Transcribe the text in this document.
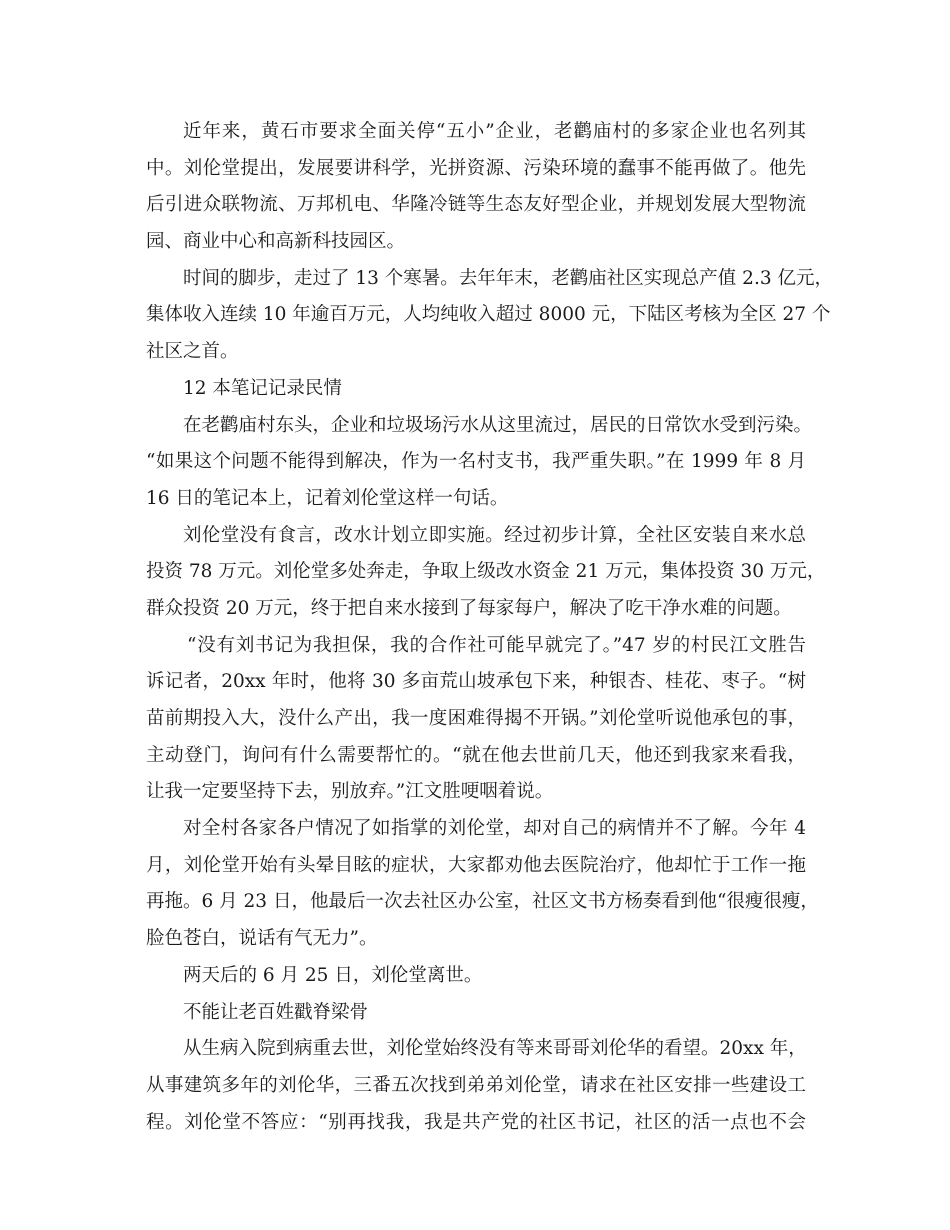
近年来，黄石市要求全面关停“五小”企业，老鹳庙村的多家企业也名列其
中。刘伦堂提出，发展要讲科学，光拼资源、污染环境的蠢事不能再做了。他先
后引进众联物流、万邦机电、华隆冷链等生态友好型企业，并规划发展大型物流
园、商业中心和高新科技园区。
时间的脚步，走过了 13 个寒暑。去年年末，老鹳庙社区实现总产值 2.3 亿元，
集体收入连续 10 年逾百万元，人均纯收入超过 8000 元，下陆区考核为全区 27 个
社区之首。
12 本笔记记录民情
在老鹳庙村东头，企业和垃圾场污水从这里流过，居民的日常饮水受到污染。
“如果这个问题不能得到解决，作为一名村支书，我严重失职。”在 1999 年 8 月
16 日的笔记本上，记着刘伦堂这样一句话。
刘伦堂没有食言，改水计划立即实施。经过初步计算，全社区安装自来水总
投资 78 万元。刘伦堂多处奔走，争取上级改水资金 21 万元，集体投资 30 万元，
群众投资 20 万元，终于把自来水接到了每家每户，解决了吃干净水难的问题。
“没有刘书记为我担保，我的合作社可能早就完了。”47 岁的村民江文胜告
诉记者，20xx 年时，他将 30 多亩荒山坡承包下来，种银杏、桂花、枣子。“树
苗前期投入大，没什么产出，我一度困难得揭不开锅。”刘伦堂听说他承包的事，
主动登门，询问有什么需要帮忙的。“就在他去世前几天，他还到我家来看我，
让我一定要坚持下去，别放弃。”江文胜哽咽着说。
对全村各家各户情况了如指掌的刘伦堂，却对自己的病情并不了解。今年 4
月，刘伦堂开始有头晕目眩的症状，大家都劝他去医院治疗，他却忙于工作一拖
再拖。6 月 23 日，他最后一次去社区办公室，社区文书方杨奏看到他“很瘦很瘦，
脸色苍白，说话有气无力”。
两天后的 6 月 25 日，刘伦堂离世。
不能让老百姓戳脊梁骨
从生病入院到病重去世，刘伦堂始终没有等来哥哥刘伦华的看望。20xx 年，
从事建筑多年的刘伦华，三番五次找到弟弟刘伦堂，请求在社区安排一些建设工
程。刘伦堂不答应：“别再找我，我是共产党的社区书记，社区的活一点也不会
